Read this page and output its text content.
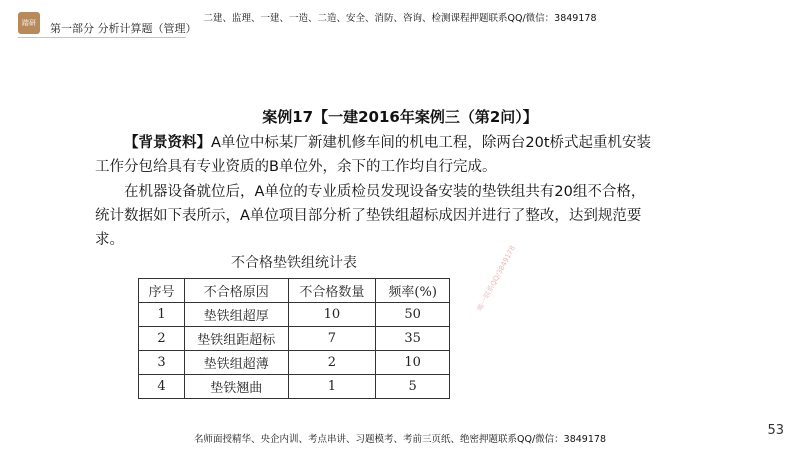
踏研	第一部分 分析计算题（管理）
二建、监理、一建、一造、二造、安全、消防、咨询、检测课程押题联系QQ/微信：3849178
案例17【一建2016年案例三（第2问）】
【背景资料】A单位中标某厂新建机修车间的机电工程，除两台20t桥式起重机安装工作分包给具有专业资质的B单位外，余下的工作均自行完成。
在机器设备就位后，A单位的专业质检员发现设备安装的垫铁组共有20组不合格，统计数据如下表所示，A单位项目部分析了垫铁组超标成因并进行了整改，达到规范要求。
不合格垫铁组统计表
序号	不合格原因	不合格数量	频率(%)
1	垫铁组超厚	10	50
2	垫铁组距超标	7	35
3	垫铁组超薄	2	10
4	垫铁翘曲	1	5
唯一联系QQ/3849178
53
名师面授精华、央企内训、考点串讲、习题模考、考前三页纸、绝密押题联系QQ/微信：3849178
